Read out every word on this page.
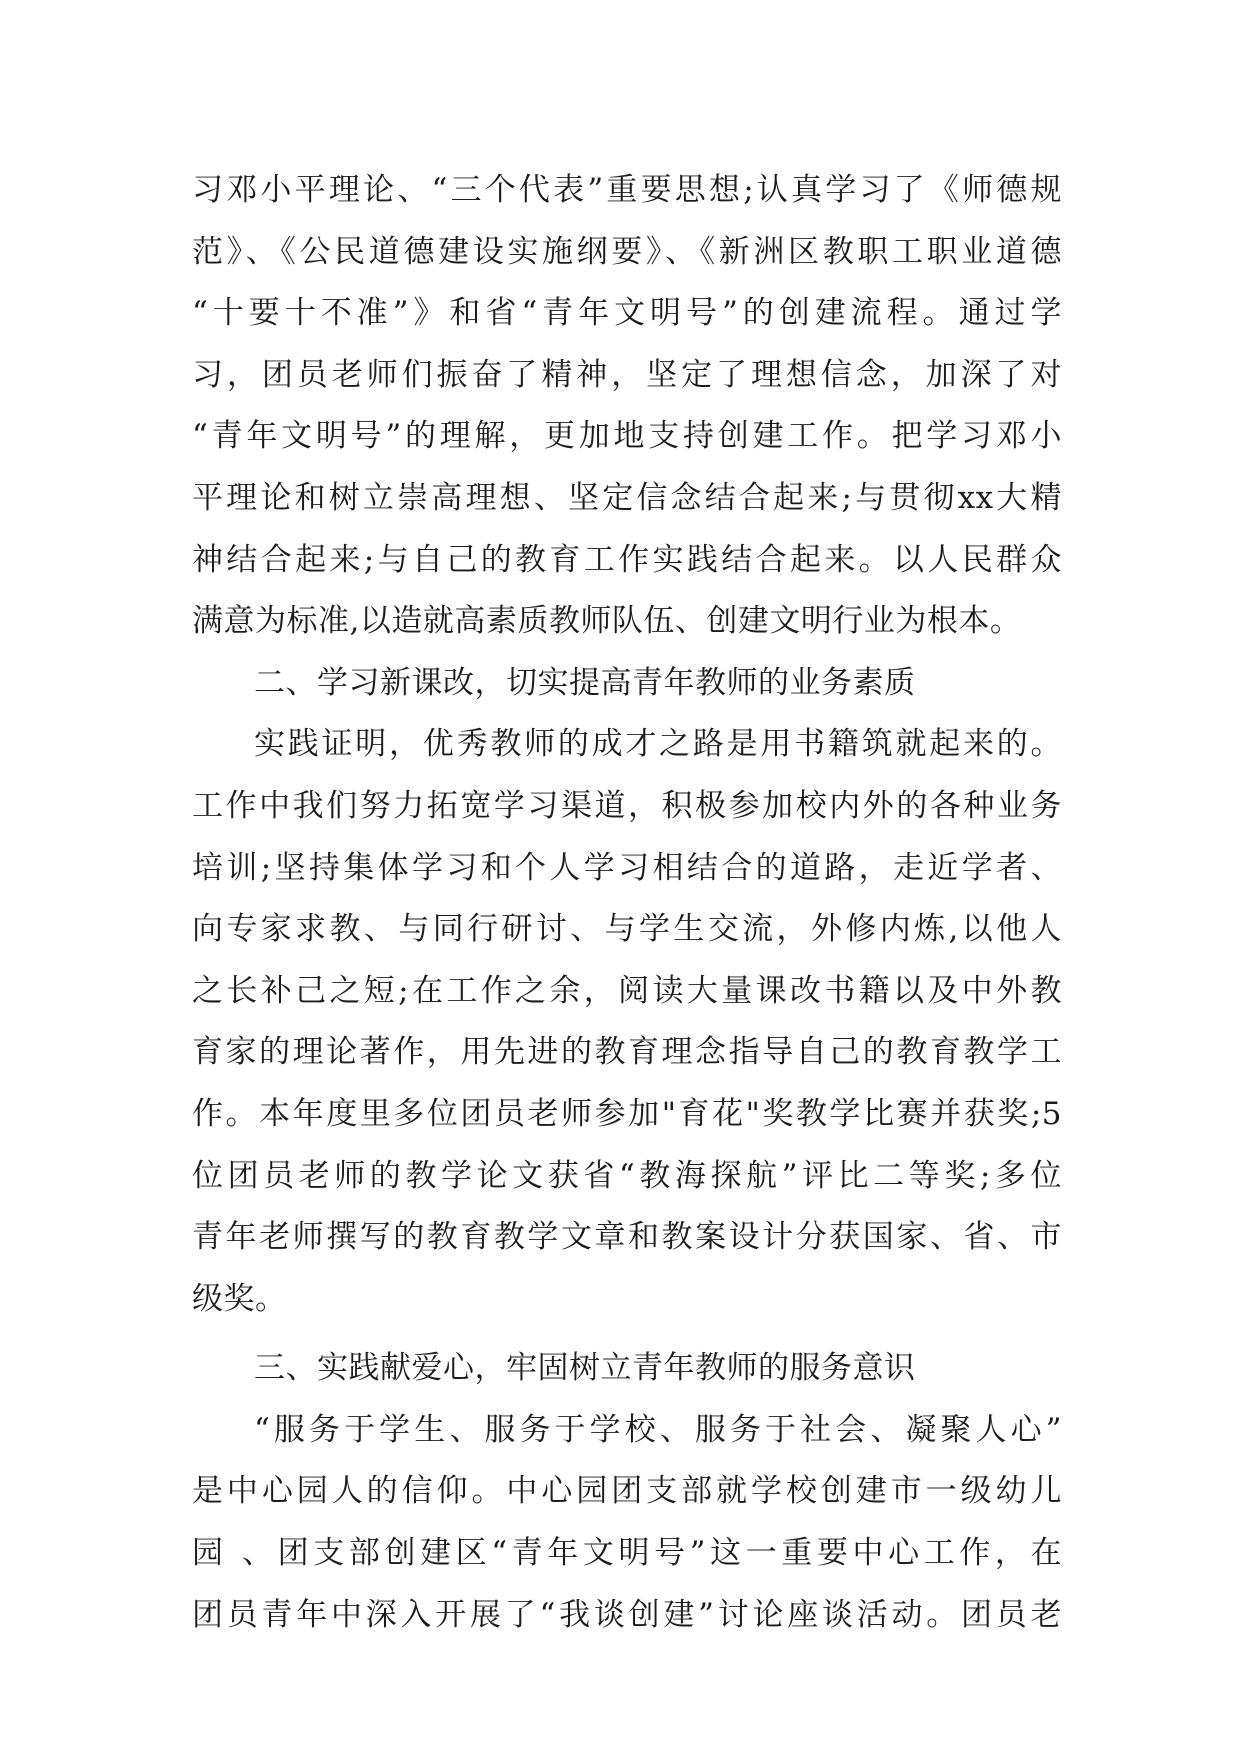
习邓小平理论、“三个代表”重要思想;认真学习了《师德规
范》、《公民道德建设实施纲要》、《新洲区教职工职业道德
“十要十不准”》和省“青年文明号”的创建流程。通过学
习，团员老师们振奋了精神，坚定了理想信念，加深了对
“青年文明号”的理解，更加地支持创建工作。把学习邓小
平理论和树立崇高理想、坚定信念结合起来;与贯彻xx大精
神结合起来;与自己的教育工作实践结合起来。以人民群众
满意为标准,以造就高素质教师队伍、创建文明行业为根本。
二、学习新课改，切实提高青年教师的业务素质
实践证明，优秀教师的成才之路是用书籍筑就起来的。
工作中我们努力拓宽学习渠道，积极参加校内外的各种业务
培训;坚持集体学习和个人学习相结合的道路，走近学者、
向专家求教、与同行研讨、与学生交流，外修内炼,以他人
之长补己之短;在工作之余，阅读大量课改书籍以及中外教
育家的理论著作，用先进的教育理念指导自己的教育教学工
作。本年度里多位团员老师参加"育花"奖教学比赛并获奖;5
位团员老师的教学论文获省“教海探航”评比二等奖;多位
青年老师撰写的教育教学文章和教案设计分获国家、省、市
级奖。
三、实践献爱心，牢固树立青年教师的服务意识
“服务于学生、服务于学校、服务于社会、凝聚人心”
是中心园人的信仰。中心园团支部就学校创建市一级幼儿
园 、团支部创建区“青年文明号”这一重要中心工作，在
团员青年中深入开展了“我谈创建”讨论座谈活动。团员老
